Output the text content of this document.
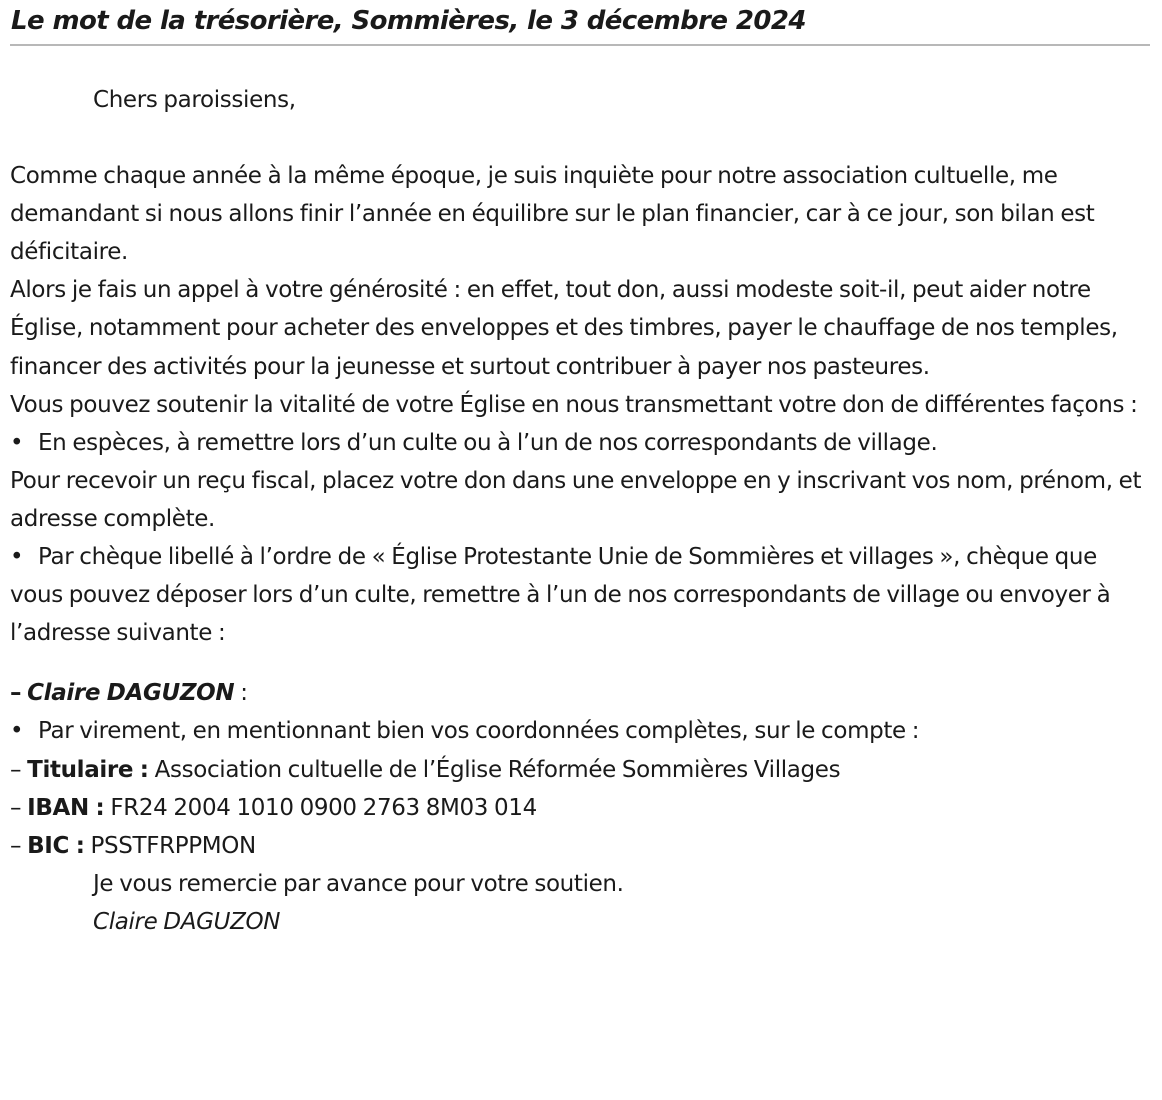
Le mot de la trésorière, Sommières, le 3 décembre 2024
Chers paroissiens,

Comme chaque année à la même époque, je suis inquiète pour notre association cultuelle, me demandant si nous allons finir l’année en équilibre sur le plan financier, car à ce jour, son bilan est déficitaire.

Alors je fais un appel à votre générosité : en effet, tout don, aussi modeste soit-il, peut aider notre Église, notamment pour acheter des enveloppes et des timbres, payer le chauffage de nos temples, financer des activités pour la jeunesse et surtout contribuer à payer nos pasteures.

Vous pouvez soutenir la vitalité de votre Église en nous transmettant votre don de différentes façons :

• En espèces, à remettre lors d’un culte ou à l’un de nos correspondants de village.

Pour recevoir un reçu fiscal, placez votre don dans une enveloppe en y inscrivant vos nom, prénom, et adresse complète.

• Par chèque libellé à l’ordre de « Église Protestante Unie de Sommières et villages », chèque que vous pouvez déposer lors d’un culte, remettre à l’un de nos correspondants de village ou envoyer à l’adresse suivante :

– Claire DAGUZON :

• Par virement, en mentionnant bien vos coordonnées complètes, sur le compte :

– Titulaire : Association cultuelle de l’Église Réformée Sommières Villages

– IBAN : FR24 2004 1010 0900 2763 8M03 014

– BIC : PSSTFRPPMON

Je vous remercie par avance pour votre soutien.

Claire DAGUZON
